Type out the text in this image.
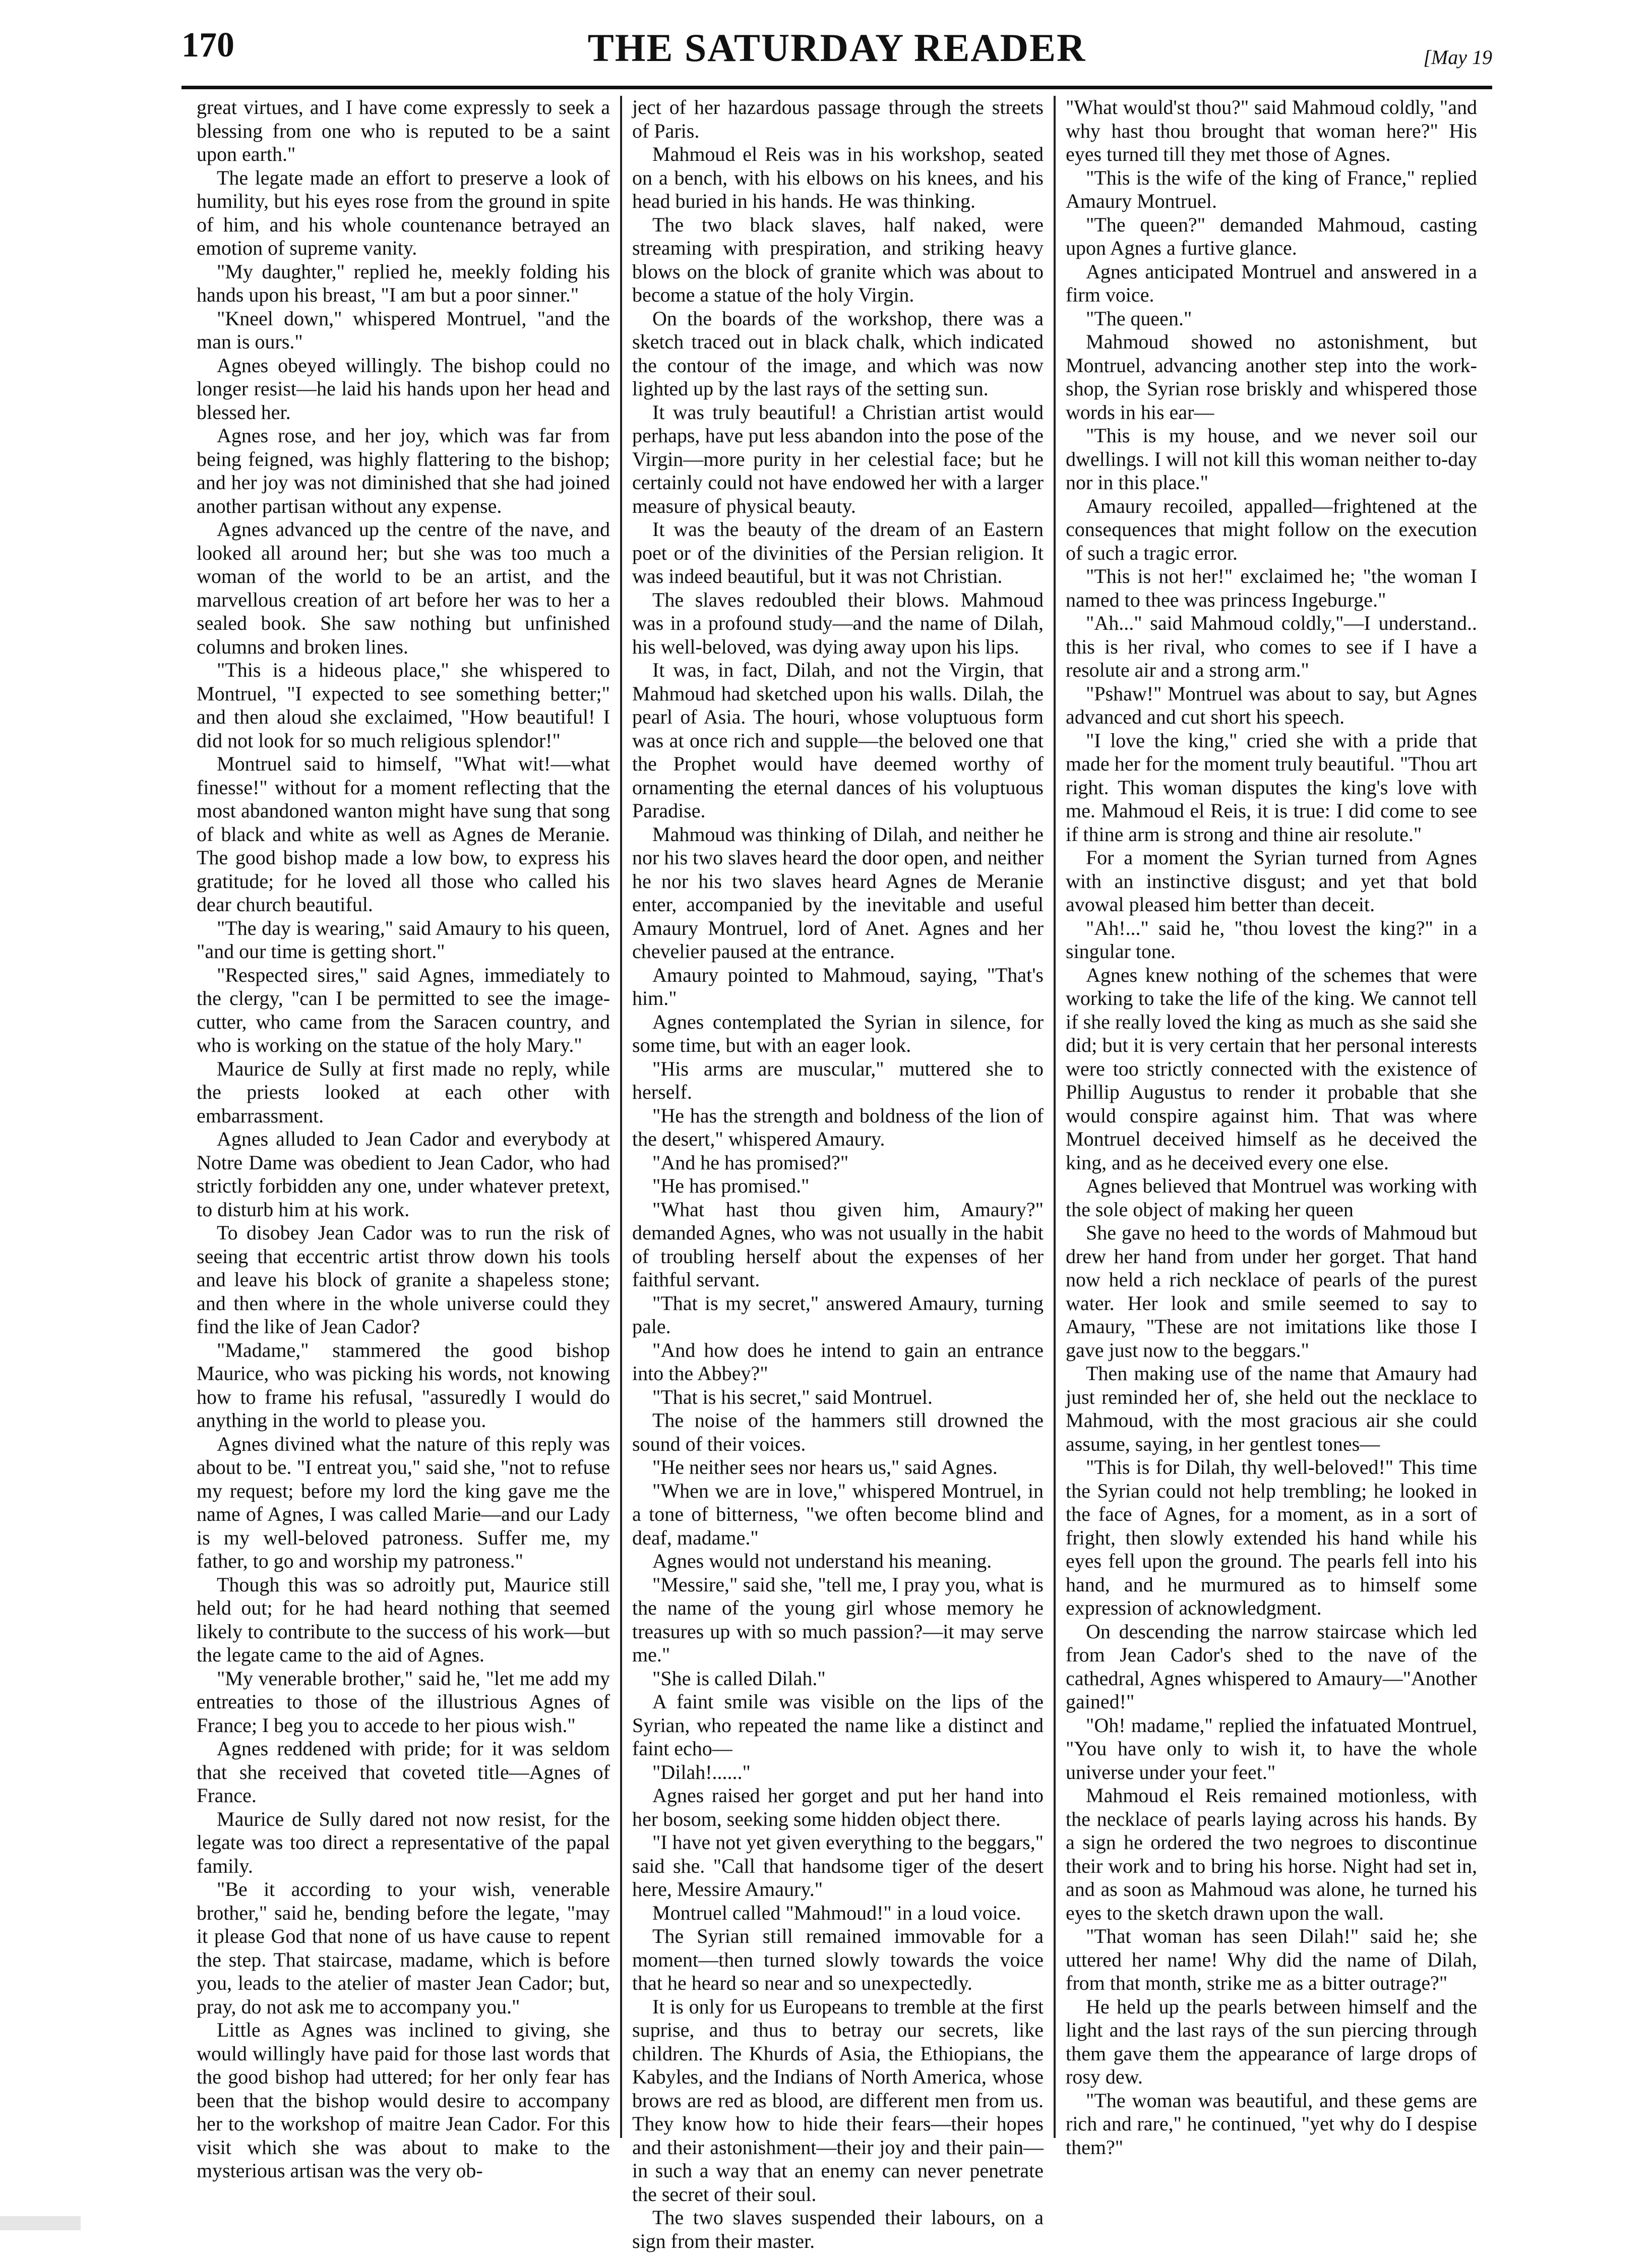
170	THE SATURDAY READER	[May 19

great virtues, and I have come expressly to seek a blessing from one who is reputed to be a saint upon earth."

The legate made an effort to preserve a look of humility, but his eyes rose from the ground in spite of him, and his whole countenance betrayed an emotion of supreme vanity.

"My daughter," replied he, meekly folding his hands upon his breast, "I am but a poor sinner."

"Kneel down," whispered Montruel, "and the man is ours."

Agnes obeyed willingly. The bishop could no longer resist—he laid his hands upon her head and blessed her.

Agnes rose, and her joy, which was far from being feigned, was highly flattering to the bishop; and her joy was not diminished that she had joined another partisan without any expense.

Agnes advanced up the centre of the nave, and looked all around her; but she was too much a woman of the world to be an artist, and the marvellous creation of art before her was to her a sealed book. She saw nothing but unfinished columns and broken lines.

"This is a hideous place," she whispered to Montruel, "I expected to see something better;" and then aloud she exclaimed, "How beautiful! I did not look for so much religious splendor!"

Montruel said to himself, "What wit!—what finesse!" without for a moment reflecting that the most abandoned wanton might have sung that song of black and white as well as Agnes de Meranie. The good bishop made a low bow, to express his gratitude; for he loved all those who called his dear church beautiful.

"The day is wearing," said Amaury to his queen, "and our time is getting short."

"Respected sires," said Agnes, immediately to the clergy, "can I be permitted to see the image-cutter, who came from the Saracen country, and who is working on the statue of the holy Mary."

Maurice de Sully at first made no reply, while the priests looked at each other with embarrassment.

Agnes alluded to Jean Cador and everybody at Notre Dame was obedient to Jean Cador, who had strictly forbidden any one, under whatever pretext, to disturb him at his work.

To disobey Jean Cador was to run the risk of seeing that eccentric artist throw down his tools and leave his block of granite a shapeless stone; and then where in the whole universe could they find the like of Jean Cador?

"Madame," stammered the good bishop Maurice, who was picking his words, not knowing how to frame his refusal, "assuredly I would do anything in the world to please you.

Agnes divined what the nature of this reply was about to be. "I entreat you," said she, "not to refuse my request; before my lord the king gave me the name of Agnes, I was called Marie—and our Lady is my well-beloved patroness. Suffer me, my father, to go and worship my patroness."

Though this was so adroitly put, Maurice still held out; for he had heard nothing that seemed likely to contribute to the success of his work—but the legate came to the aid of Agnes.

"My venerable brother," said he, "let me add my entreaties to those of the illustrious Agnes of France; I beg you to accede to her pious wish."

Agnes reddened with pride; for it was seldom that she received that coveted title—Agnes of France.

Maurice de Sully dared not now resist, for the legate was too direct a representative of the papal family.

"Be it according to your wish, venerable brother," said he, bending before the legate, "may it please God that none of us have cause to repent the step. That staircase, madame, which is before you, leads to the atelier of master Jean Cador; but, pray, do not ask me to accompany you."

Little as Agnes was inclined to giving, she would willingly have paid for those last words that the good bishop had uttered; for her only fear has been that the bishop would desire to accompany her to the workshop of maitre Jean Cador. For this visit which she was about to make to the mysterious artisan was the very ob-

ject of her hazardous passage through the streets of Paris.

Mahmoud el Reis was in his workshop, seated on a bench, with his elbows on his knees, and his head buried in his hands. He was thinking.

The two black slaves, half naked, were streaming with prespiration, and striking heavy blows on the block of granite which was about to become a statue of the holy Virgin.

On the boards of the workshop, there was a sketch traced out in black chalk, which indicated the contour of the image, and which was now lighted up by the last rays of the setting sun.

It was truly beautiful! a Christian artist would perhaps, have put less abandon into the pose of the Virgin—more purity in her celestial face; but he certainly could not have endowed her with a larger measure of physical beauty.

It was the beauty of the dream of an Eastern poet or of the divinities of the Persian religion. It was indeed beautiful, but it was not Christian.

The slaves redoubled their blows. Mahmoud was in a profound study—and the name of Dilah, his well-beloved, was dying away upon his lips.

It was, in fact, Dilah, and not the Virgin, that Mahmoud had sketched upon his walls. Dilah, the pearl of Asia. The houri, whose voluptuous form was at once rich and supple—the beloved one that the Prophet would have deemed worthy of ornamenting the eternal dances of his voluptuous Paradise.

Mahmoud was thinking of Dilah, and neither he nor his two slaves heard the door open, and neither he nor his two slaves heard Agnes de Meranie enter, accompanied by the inevitable and useful Amaury Montruel, lord of Anet. Agnes and her chevelier paused at the entrance.

Amaury pointed to Mahmoud, saying, "That's him."

Agnes contemplated the Syrian in silence, for some time, but with an eager look.

"His arms are muscular," muttered she to herself.

"He has the strength and boldness of the lion of the desert," whispered Amaury.

"And he has promised?"

"He has promised."

"What hast thou given him, Amaury?" demanded Agnes, who was not usually in the habit of troubling herself about the expenses of her faithful servant.

"That is my secret," answered Amaury, turning pale.

"And how does he intend to gain an entrance into the Abbey?"

"That is his secret," said Montruel.

The noise of the hammers still drowned the sound of their voices.

"He neither sees nor hears us," said Agnes.

"When we are in love," whispered Montruel, in a tone of bitterness, "we often become blind and deaf, madame."

Agnes would not understand his meaning.

"Messire," said she, "tell me, I pray you, what is the name of the young girl whose memory he treasures up with so much passion?—it may serve me."

"She is called Dilah."

A faint smile was visible on the lips of the Syrian, who repeated the name like a distinct and faint echo—

"Dilah!......"

Agnes raised her gorget and put her hand into her bosom, seeking some hidden object there.

"I have not yet given everything to the beggars," said she. "Call that handsome tiger of the desert here, Messire Amaury."

Montruel called "Mahmoud!" in a loud voice.

The Syrian still remained immovable for a moment—then turned slowly towards the voice that he heard so near and so unexpectedly.

It is only for us Europeans to tremble at the first suprise, and thus to betray our secrets, like children. The Khurds of Asia, the Ethiopians, the Kabyles, and the Indians of North America, whose brows are red as blood, are different men from us. They know how to hide their fears—their hopes and their astonishment—their joy and their pain—in such a way that an enemy can never penetrate the secret of their soul.

The two slaves suspended their labours, on a sign from their master.

"What would'st thou?" said Mahmoud coldly, "and why hast thou brought that woman here?" His eyes turned till they met those of Agnes.

"This is the wife of the king of France," replied Amaury Montruel.

"The queen?" demanded Mahmoud, casting upon Agnes a furtive glance.

Agnes anticipated Montruel and answered in a firm voice.

"The queen."

Mahmoud showed no astonishment, but Montruel, advancing another step into the work-shop, the Syrian rose briskly and whispered those words in his ear—

"This is my house, and we never soil our dwellings. I will not kill this woman neither to-day nor in this place."

Amaury recoiled, appalled—frightened at the consequences that might follow on the execution of such a tragic error.

"This is not her!" exclaimed he; "the woman I named to thee was princess Ingeburge."

"Ah..." said Mahmoud coldly,"—I understand.. this is her rival, who comes to see if I have a resolute air and a strong arm."

"Pshaw!" Montruel was about to say, but Agnes advanced and cut short his speech.

"I love the king," cried she with a pride that made her for the moment truly beautiful. "Thou art right. This woman disputes the king's love with me. Mahmoud el Reis, it is true: I did come to see if thine arm is strong and thine air resolute."

For a moment the Syrian turned from Agnes with an instinctive disgust; and yet that bold avowal pleased him better than deceit.

"Ah!..." said he, "thou lovest the king?" in a singular tone.

Agnes knew nothing of the schemes that were working to take the life of the king. We cannot tell if she really loved the king as much as she said she did; but it is very certain that her personal interests were too strictly connected with the existence of Phillip Augustus to render it probable that she would conspire against him. That was where Montruel deceived himself as he deceived the king, and as he deceived every one else.

Agnes believed that Montruel was working with the sole object of making her queen

She gave no heed to the words of Mahmoud but drew her hand from under her gorget. That hand now held a rich necklace of pearls of the purest water. Her look and smile seemed to say to Amaury, "These are not imitations like those I gave just now to the beggars."

Then making use of the name that Amaury had just reminded her of, she held out the necklace to Mahmoud, with the most gracious air she could assume, saying, in her gentlest tones—

"This is for Dilah, thy well-beloved!" This time the Syrian could not help trembling; he looked in the face of Agnes, for a moment, as in a sort of fright, then slowly extended his hand while his eyes fell upon the ground. The pearls fell into his hand, and he murmured as to himself some expression of acknowledgment.

On descending the narrow staircase which led from Jean Cador's shed to the nave of the cathedral, Agnes whispered to Amaury—"Another gained!"

"Oh! madame," replied the infatuated Montruel, "You have only to wish it, to have the whole universe under your feet."

Mahmoud el Reis remained motionless, with the necklace of pearls laying across his hands. By a sign he ordered the two negroes to discontinue their work and to bring his horse. Night had set in, and as soon as Mahmoud was alone, he turned his eyes to the sketch drawn upon the wall.

"That woman has seen Dilah!" said he; she uttered her name! Why did the name of Dilah, from that month, strike me as a bitter outrage?"

He held up the pearls between himself and the light and the last rays of the sun piercing through them gave them the appearance of large drops of rosy dew.

"The woman was beautiful, and these gems are rich and rare," he continued, "yet why do I despise them?"
